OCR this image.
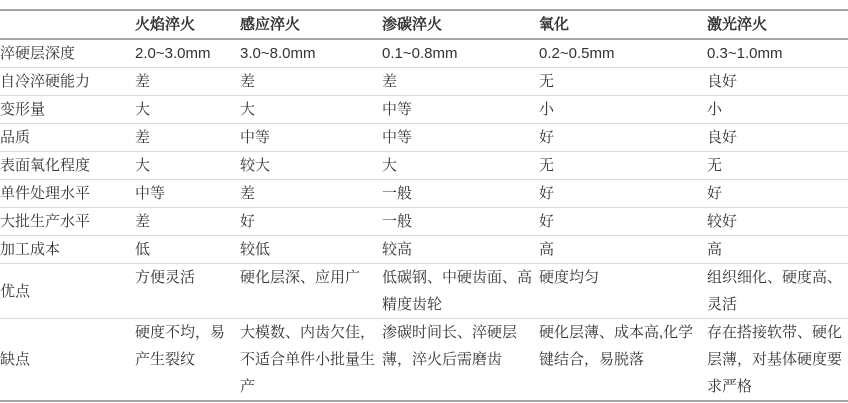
	火焰淬火	感应淬火	渗碳淬火	氧化	激光淬火
淬硬层深度	2.0~3.0mm	3.0~8.0mm	0.1~0.8mm	0.2~0.5mm	0.3~1.0mm
自冷淬硬能力	差	差	差	无	良好
变形量	大	大	中等	小	小
品质	差	中等	中等	好	良好
表面氧化程度	大	较大	大	无	无
单件处理水平	中等	差	一般	好	好
大批生产水平	差	好	一般	好	较好
加工成本	低	较低	较高	高	高
优点	方便灵活	硬化层深、应用广	低碳钢、中硬齿面、高精度齿轮	硬度均匀	组织细化、硬度高、灵活
缺点	硬度不均，易产生裂纹	大模数、内齿欠佳，不适合单件小批量生产	渗碳时间长、淬硬层薄，淬火后需磨齿	硬化层薄、成本高,化学键结合，易脱落	存在搭接软带、硬化层薄，对基体硬度要求严格
